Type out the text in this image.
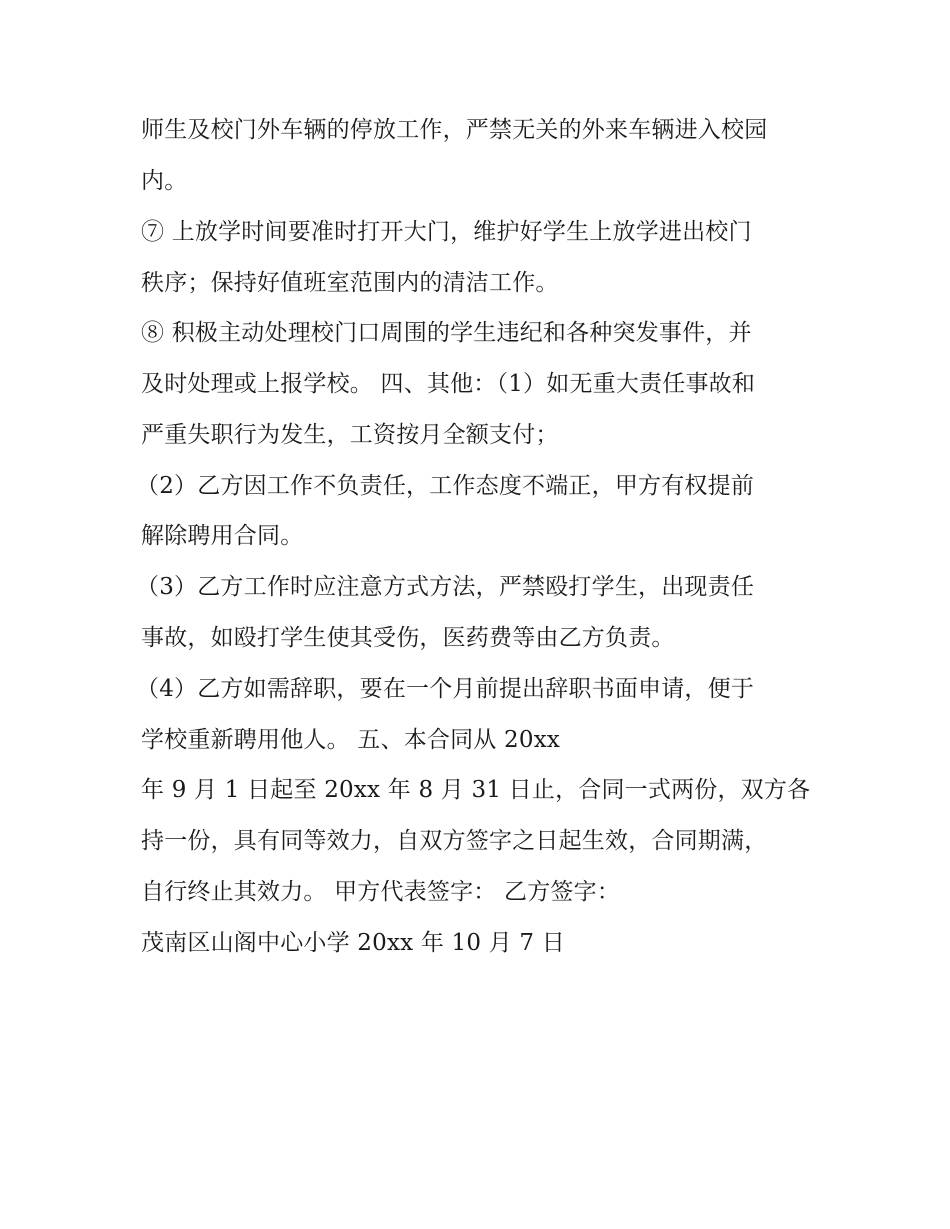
师生及校门外车辆的停放工作，严禁无关的外来车辆进入校园
内。
⑦ 上放学时间要准时打开大门，维护好学生上放学进出校门
秩序；保持好值班室范围内的清洁工作。
⑧ 积极主动处理校门口周围的学生违纪和各种突发事件，并
及时处理或上报学校。 四、其他：（1）如无重大责任事故和
严重失职行为发生，工资按月全额支付；
（2）乙方因工作不负责任，工作态度不端正，甲方有权提前
解除聘用合同。
（3）乙方工作时应注意方式方法，严禁殴打学生，出现责任
事故，如殴打学生使其受伤，医药费等由乙方负责。
（4）乙方如需辞职，要在一个月前提出辞职书面申请，便于
学校重新聘用他人。 五、本合同从 20xx
年 9 月 1 日起至 20xx 年 8 月 31 日止，合同一式两份，双方各
持一份，具有同等效力，自双方签字之日起生效，合同期满，
自行终止其效力。 甲方代表签字： 乙方签字：
茂南区山阁中心小学 20xx 年 10 月 7 日
